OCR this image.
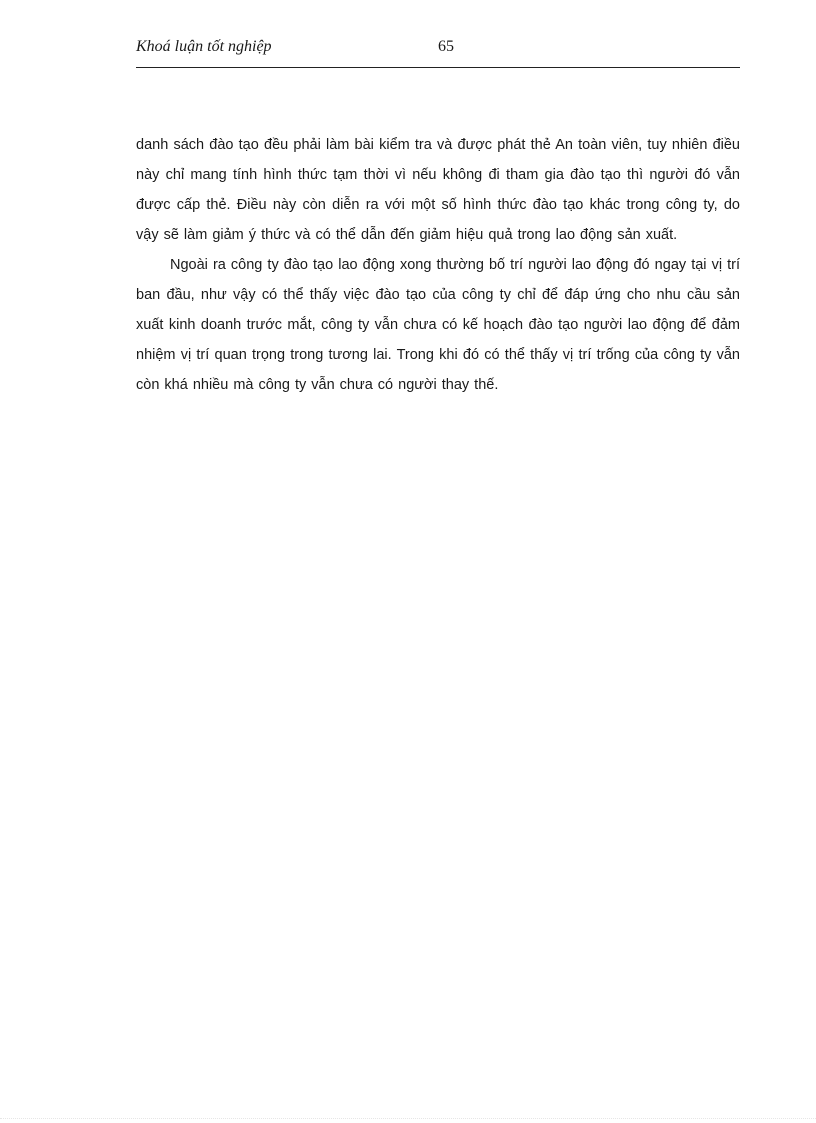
Khoá luận tốt nghiệp	65

danh sách đào tạo đều phải làm bài kiểm tra và được phát thẻ An toàn viên, tuy nhiên điều này chỉ mang tính hình thức tạm thời vì nếu không đi tham gia đào tạo thì người đó vẫn được cấp thẻ. Điều này còn diễn ra với một số hình thức đào tạo khác trong công ty, do vậy sẽ làm giảm ý thức và có thể dẫn đến giảm hiệu quả trong lao động sản xuất.

Ngoài ra công ty đào tạo lao động xong thường bố trí người lao động đó ngay tại vị trí ban đầu, như vậy có thể thấy việc đào tạo của công ty chỉ để đáp ứng cho nhu cầu sản xuất kinh doanh trước mắt, công ty vẫn chưa có kế hoạch đào tạo người lao động để đảm nhiệm vị trí quan trọng trong tương lai. Trong khi đó có thể thấy vị trí trống của công ty vẫn còn khá nhiều mà công ty vẫn chưa có người thay thế.
